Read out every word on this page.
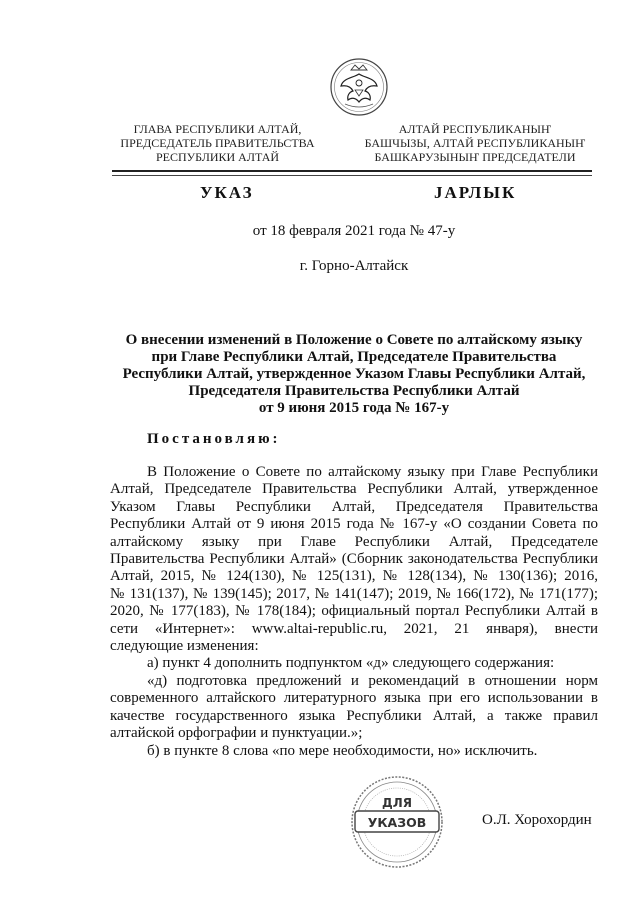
ГЛАВА РЕСПУБЛИКИ АЛТАЙ,
ПРЕДСЕДАТЕЛЬ ПРАВИТЕЛЬСТВА
РЕСПУБЛИКИ АЛТАЙ
АЛТАЙ РЕСПУБЛИКАНЫҤ
БАШЧЫЗЫ, АЛТАЙ РЕСПУБЛИКАНЫҤ
БАШКАРУЗЫНЫҤ ПРЕДСЕДАТЕЛИ
УКАЗ	ЈАРЛЫК
от 18 февраля 2021 года № 47-у
г. Горно-Алтайск
О внесении изменений в Положение о Совете по алтайскому языку
при Главе Республики Алтай, Председателе Правительства
Республики Алтай, утвержденное Указом Главы Республики Алтай,
Председателя Правительства Республики Алтай
от 9 июня 2015 года № 167-у
Постановляю:
В Положение о Совете по алтайскому языку при Главе Республики
Алтай, Председателе Правительства Республики Алтай, утвержденное
Указом Главы Республики Алтай, Председателя Правительства
Республики Алтай от 9 июня 2015 года № 167-у «О создании Совета по
алтайскому языку при Главе Республики Алтай, Председателе
Правительства Республики Алтай» (Сборник законодательства Республики
Алтай, 2015, № 124(130), № 125(131), № 128(134), № 130(136); 2016,
№ 131(137), № 139(145); 2017, № 141(147); 2019, № 166(172), № 171(177);
2020, № 177(183), № 178(184); официальный портал Республики Алтай в
сети «Интернет»: www.altai-republic.ru, 2021, 21 января), внести
следующие изменения:
а) пункт 4 дополнить подпунктом «д» следующего содержания:
«д) подготовка предложений и рекомендаций в отношении норм
современного алтайского литературного языка при его использовании в
качестве государственного языка Республики Алтай, а также правил
алтайской орфографии и пунктуации.»;
б) в пункте 8 слова «по мере необходимости, но» исключить.
ДЛЯ
УКАЗОВ	О.Л. Хорохордин
